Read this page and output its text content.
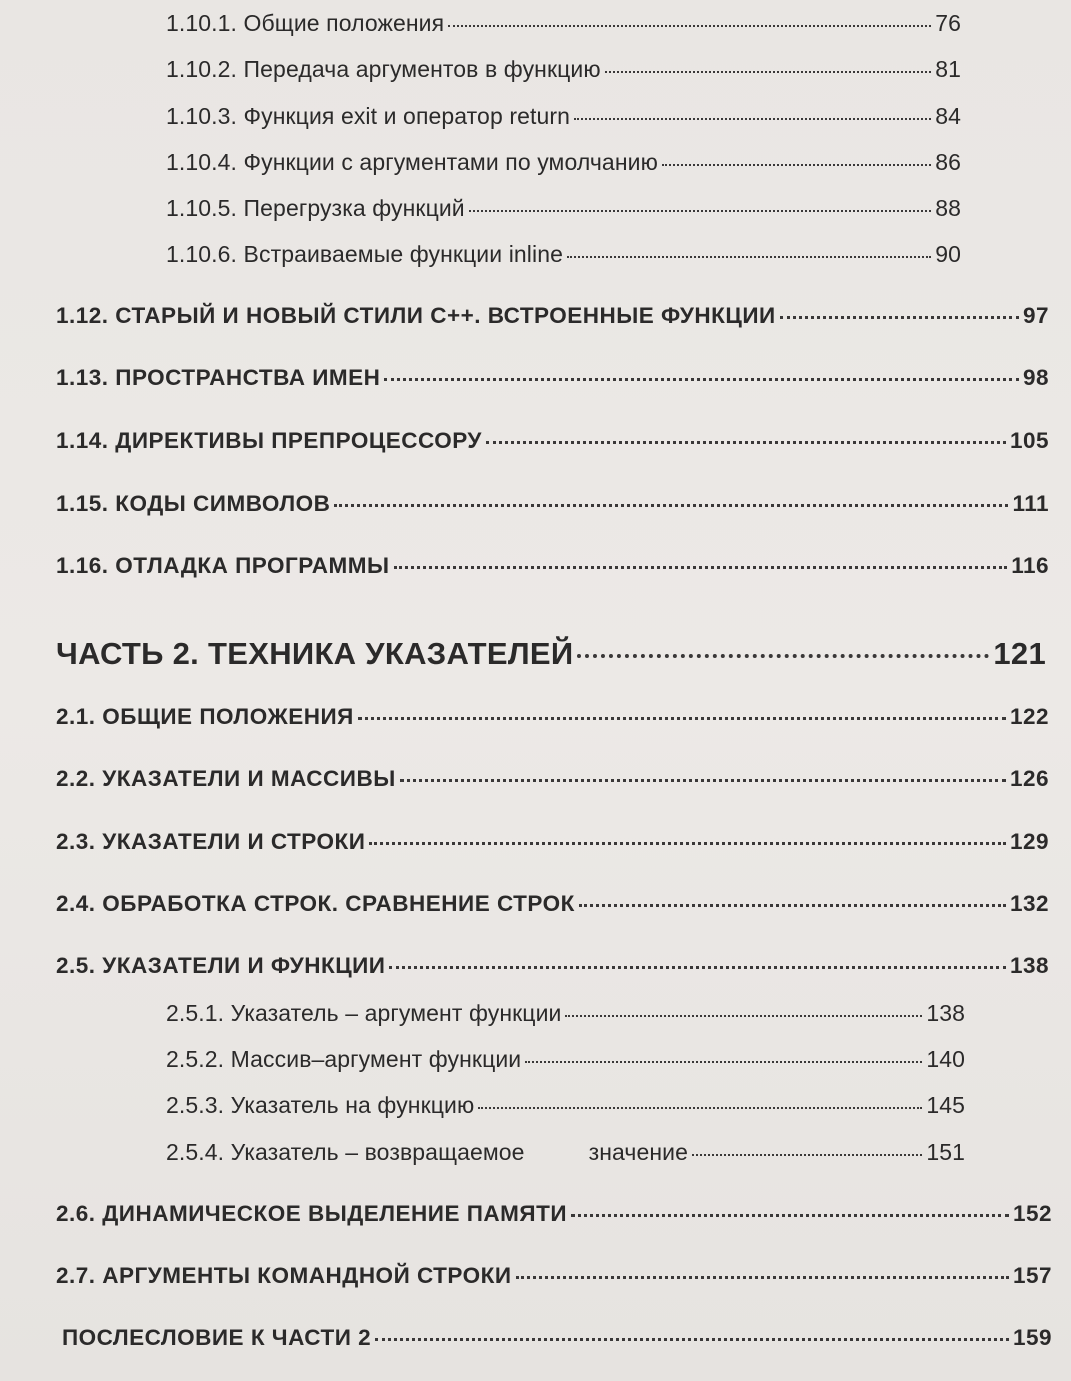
1.10.1. Общие положения	76
1.10.2. Передача аргументов в функцию	81
1.10.3. Функция exit и оператор return	84
1.10.4. Функции с аргументами по умолчанию	86
1.10.5. Перегрузка функций	88
1.10.6. Встраиваемые функции inline	90
1.12. СТАРЫЙ И НОВЫЙ СТИЛИ С++. ВСТРОЕННЫЕ ФУНКЦИИ	97
1.13. ПРОСТРАНСТВА ИМЕН	98
1.14. ДИРЕКТИВЫ ПРЕПРОЦЕССОРУ	105
1.15. КОДЫ СИМВОЛОВ	111
1.16. ОТЛАДКА ПРОГРАММЫ	116
ЧАСТЬ 2. ТЕХНИКА УКАЗАТЕЛЕЙ	121
2.1. ОБЩИЕ ПОЛОЖЕНИЯ	122
2.2. УКАЗАТЕЛИ И МАССИВЫ	126
2.3. УКАЗАТЕЛИ И СТРОКИ	129
2.4. ОБРАБОТКА СТРОК. СРАВНЕНИЕ СТРОК	132
2.5. УКАЗАТЕЛИ И ФУНКЦИИ	138
2.5.1. Указатель – аргумент функции	138
2.5.2. Массив–аргумент функции	140
2.5.3. Указатель на функцию	145
2.5.4. Указатель – возвращаемое	значение	151
2.6. ДИНАМИЧЕСКОЕ ВЫДЕЛЕНИЕ ПАМЯТИ	152
2.7. АРГУМЕНТЫ КОМАНДНОЙ СТРОКИ	157
ПОСЛЕСЛОВИЕ К ЧАСТИ 2	159
